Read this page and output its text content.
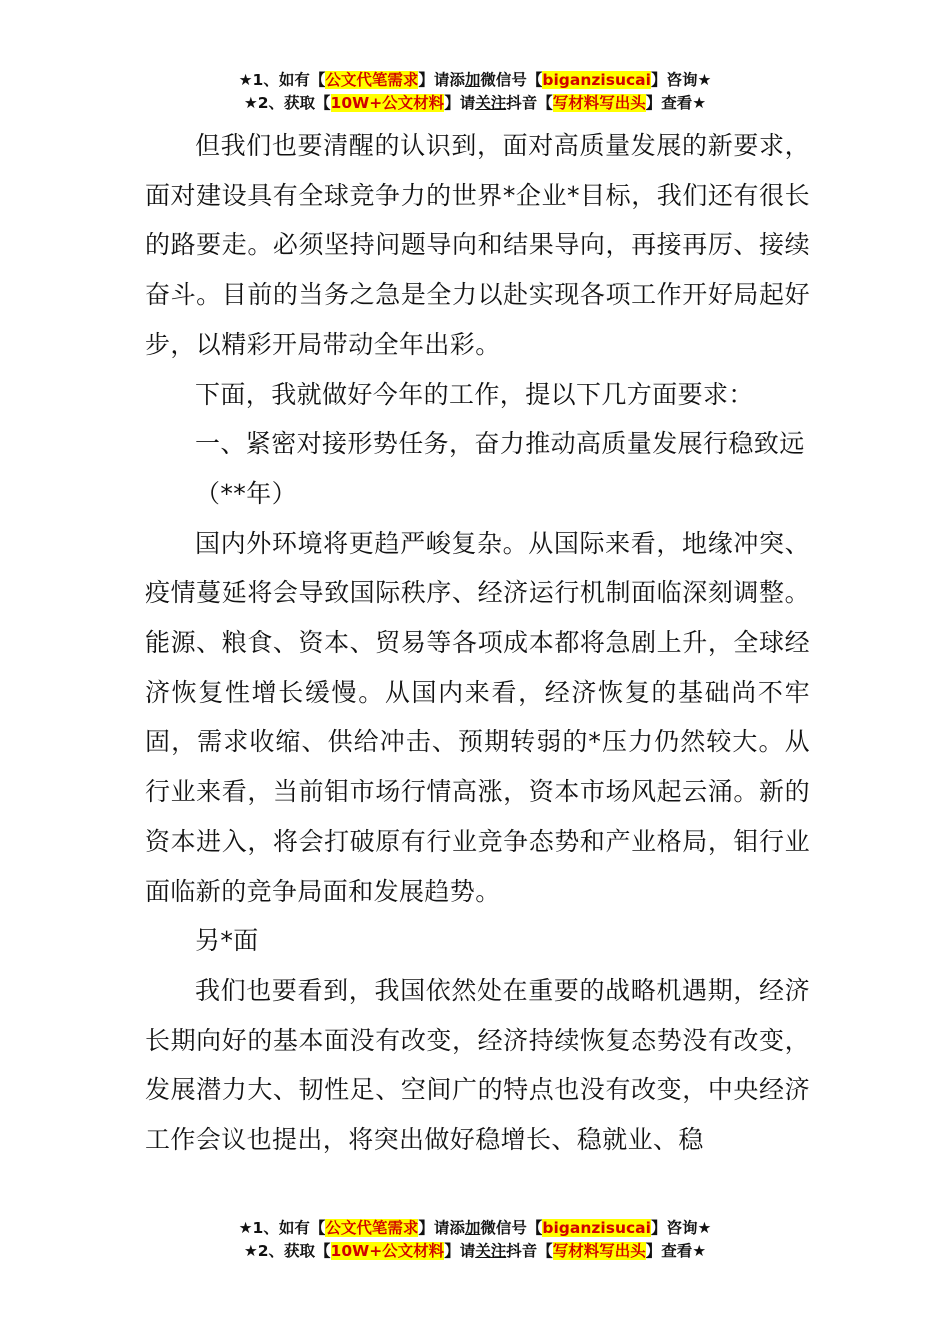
★1、如有【公文代笔需求】请添加微信号【biganzisucai】咨询★
★2、获取【10W+公文材料】请关注抖音【写材料写出头】查看★

但我们也要清醒的认识到，面对高质量发展的新要求，面对建设具有全球竞争力的世界*企业*目标，我们还有很长的路要走。必须坚持问题导向和结果导向，再接再厉、接续奋斗。目前的当务之急是全力以赴实现各项工作开好局起好步，以精彩开局带动全年出彩。

下面，我就做好今年的工作，提以下几方面要求：

一、紧密对接形势任务，奋力推动高质量发展行稳致远

（**年）

国内外环境将更趋严峻复杂。从国际来看，地缘冲突、疫情蔓延将会导致国际秩序、经济运行机制面临深刻调整。能源、粮食、资本、贸易等各项成本都将急剧上升，全球经济恢复性增长缓慢。从国内来看，经济恢复的基础尚不牢固，需求收缩、供给冲击、预期转弱的*压力仍然较大。从行业来看，当前钼市场行情高涨，资本市场风起云涌。新的资本进入，将会打破原有行业竞争态势和产业格局，钼行业面临新的竞争局面和发展趋势。

另*面

我们也要看到，我国依然处在重要的战略机遇期，经济长期向好的基本面没有改变，经济持续恢复态势没有改变，发展潜力大、韧性足、空间广的特点也没有改变，中央经济工作会议也提出，将突出做好稳增长、稳就业、稳

★1、如有【公文代笔需求】请添加微信号【biganzisucai】咨询★
★2、获取【10W+公文材料】请关注抖音【写材料写出头】查看★
